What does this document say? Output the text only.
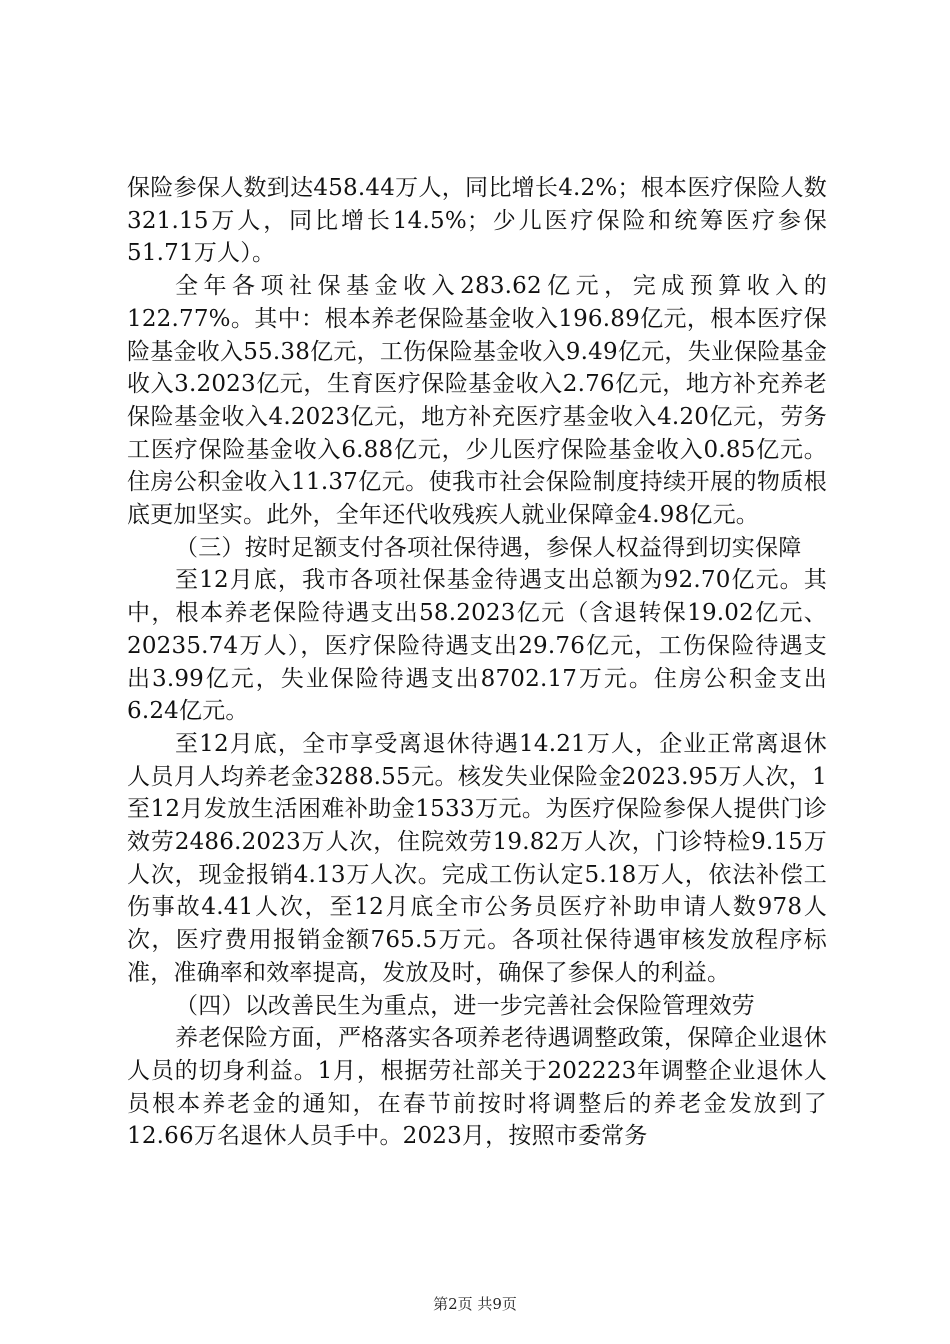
保险参保人数到达458.44万人，同比增长4.2%；根本医疗保险人数321.15万人，同比增长14.5%；少儿医疗保险和统筹医疗参保51.71万人）。

全年各项社保基金收入283.62亿元，完成预算收入的122.77%。其中：根本养老保险基金收入196.89亿元，根本医疗保险基金收入55.38亿元，工伤保险基金收入9.49亿元，失业保险基金收入3.2023亿元，生育医疗保险基金收入2.76亿元，地方补充养老保险基金收入4.2023亿元，地方补充医疗基金收入4.20亿元，劳务工医疗保险基金收入6.88亿元，少儿医疗保险基金收入0.85亿元。住房公积金收入11.37亿元。使我市社会保险制度持续开展的物质根底更加坚实。此外，全年还代收残疾人就业保障金4.98亿元。

（三）按时足额支付各项社保待遇，参保人权益得到切实保障

至12月底，我市各项社保基金待遇支出总额为92.70亿元。其中，根本养老保险待遇支出58.2023亿元（含退转保19.02亿元、20235.74万人），医疗保险待遇支出29.76亿元，工伤保险待遇支出3.99亿元，失业保险待遇支出8702.17万元。住房公积金支出6.24亿元。

至12月底，全市享受离退休待遇14.21万人，企业正常离退休人员月人均养老金3288.55元。核发失业保险金2023.95万人次，1至12月发放生活困难补助金1533万元。为医疗保险参保人提供门诊效劳2486.2023万人次，住院效劳19.82万人次，门诊特检9.15万人次，现金报销4.13万人次。完成工伤认定5.18万人，依法补偿工伤事故4.41人次，至12月底全市公务员医疗补助申请人数978人次，医疗费用报销金额765.5万元。各项社保待遇审核发放程序标准，准确率和效率提高，发放及时，确保了参保人的利益。

（四）以改善民生为重点，进一步完善社会保险管理效劳

养老保险方面，严格落实各项养老待遇调整政策，保障企业退休人员的切身利益。1月，根据劳社部关于202223年调整企业退休人员根本养老金的通知，在春节前按时将调整后的养老金发放到了12.66万名退休人员手中。2023月，按照市委常务

第2页 共9页
